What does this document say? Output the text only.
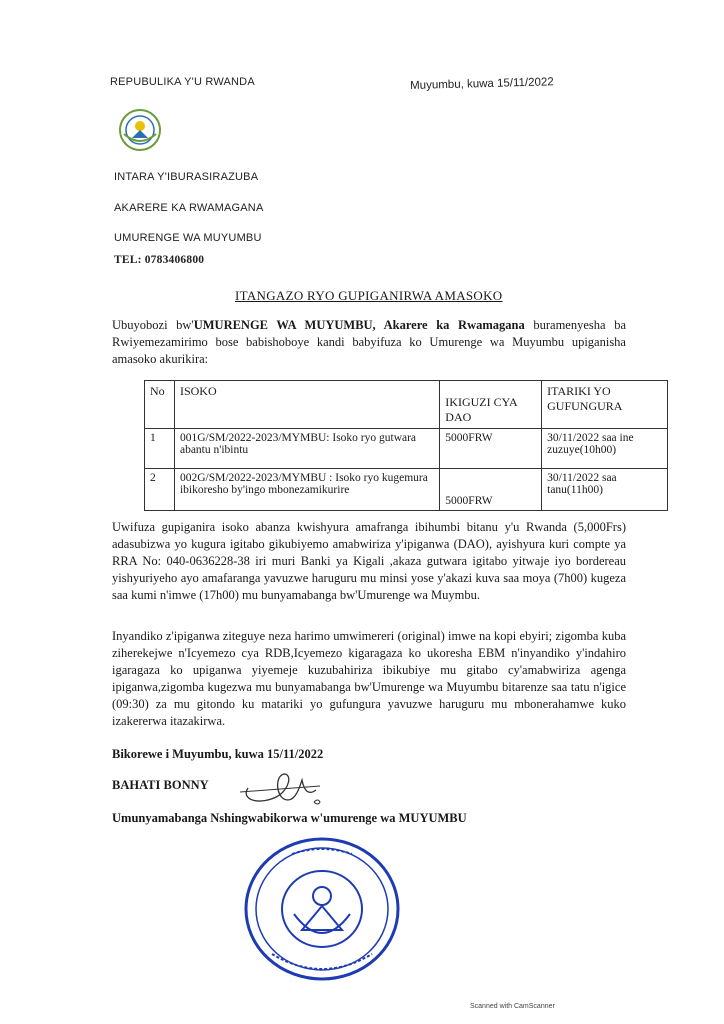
REPUBULIKA Y'U RWANDA	Muyumbu, kuwa 15/11/2022
INTARA Y'IBURASIRAZUBA
AKARERE KA RWAMAGANA
UMURENGE WA MUYUMBU
TEL: 0783406800
ITANGAZO RYO GUPIGANIRWA AMASOKO
Ubuyobozi bw'UMURENGE WA MUYUMBU, Akarere ka Rwamagana buramenyesha ba Rwiyemezamirimo bose babishoboye kandi babyifuza ko Umurenge wa Muyumbu upiganisha amasoko akurikira:
No	ISOKO	IKIGUZI CYA DAO	ITARIKI YO GUFUNGURA
1	001G/SM/2022-2023/MYMBU: Isoko ryo gutwara abantu n'ibintu	5000FRW	30/11/2022 saa ine zuzuye(10h00)
2	002G/SM/2022-2023/MYMBU : Isoko ryo kugemura ibikoresho by'ingo mbonezamikurire	5000FRW	30/11/2022 saa tanu(11h00)
Uwifuza gupiganira isoko abanza kwishyura amafranga ibihumbi bitanu y'u Rwanda (5,000Frs) adasubizwa yo kugura igitabo gikubiyemo amabwiriza y'ipiganwa (DAO), ayishyura kuri compte ya RRA No: 040-0636228-38 iri muri Banki ya Kigali ,akaza gutwara igitabo yitwaje iyo bordereau yishyuriyeho ayo amafaranga yavuzwe haruguru mu minsi yose y'akazi kuva saa moya (7h00) kugeza saa kumi n'imwe (17h00) mu bunyamabanga bw'Umurenge wa Muymbu.
Inyandiko z'ipiganwa ziteguye neza harimo umwimereri (original) imwe na kopi ebyiri; zigomba kuba ziherekejwe n'Icyemezo cya RDB,Icyemezo kigaragaza ko ukoresha EBM n'inyandiko y'indahiro igaragaza ko upiganwa yiyemeje kuzubahiriza ibikubiye mu gitabo cy'amabwiriza agenga ipiganwa,zigomba kugezwa mu bunyamabanga bw'Umurenge wa Muyumbu bitarenze saa tatu n'igice (09:30) za mu gitondo ku matariki yo gufungura yavuzwe haruguru mu mbonerahamwe kuko izakererwa itazakirwa.
Bikorewe i Muyumbu, kuwa 15/11/2022
BAHATI BONNY
Umunyamabanga Nshingwabikorwa w'umurenge wa MUYUMBU
Scanned with CamScanner
